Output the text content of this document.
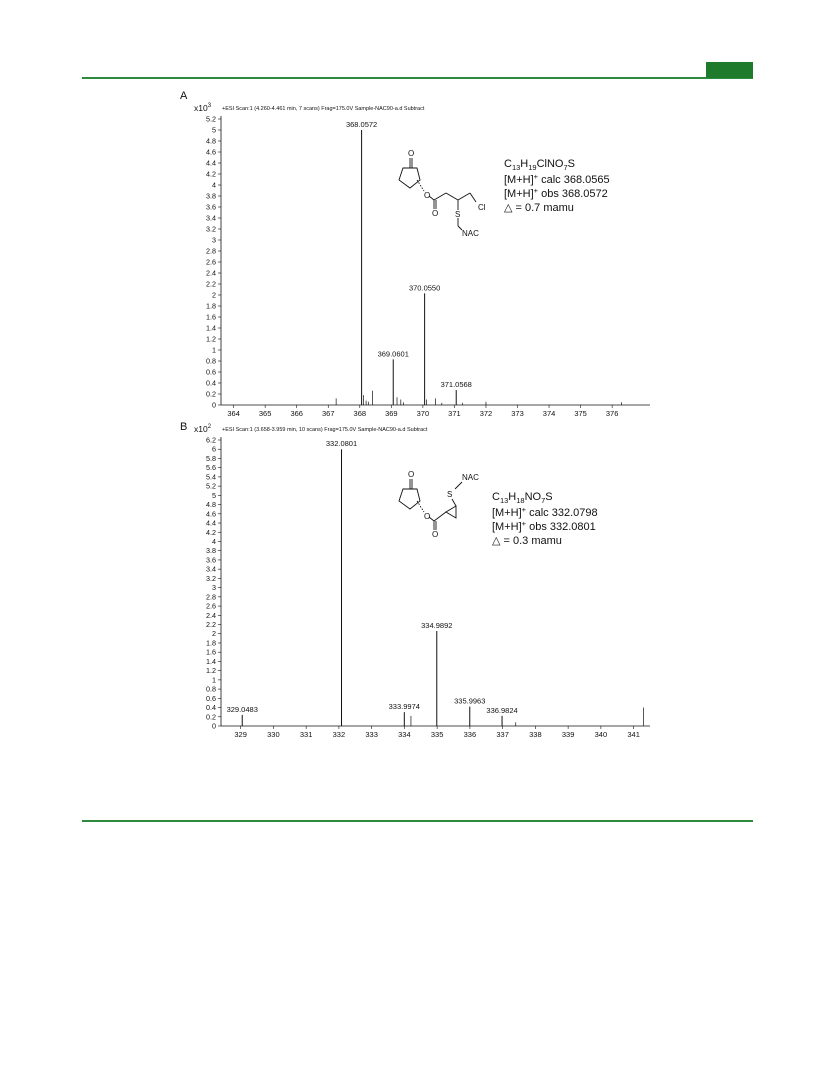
A
B
$x10^3 +ESI$ Scan:1 (4.260-4.461 min, 7 scans) Frag=175.0V Sample-NAC90-a.d Subtract
0
0.2
0.4
0.6
0.8
1
1.2
1.4
1.6
1.8
2
2.2
2.4
2.6
2.8
3
3.2
3.4
3.6
3.8
4
4.2
4.4
4.6
4.8
5
5.2
364	365	366	367	368	369	370	371	372	373	374	375	376
368.0572
369.0601
370.0550
371.0568
O
O
O S
Cl
NAC
$C_{13}H_{19}ClNO_7S$
[M+H]+ calc 368.0565
[M+H]+ obs 368.0572
△ = 0.7 mamu
$x10^2 +ESI$ Scan:1 (3.658-3.959 min, 10 scans) Frag=175.0V Sample-NAC90-a.d Subtract
0
0.2
0.4
0.6
0.8
1
1.2
1.4
1.6
1.8
2
2.2
2.4
2.6
2.8
3
3.2
3.4
3.6
3.8
4
4.2
4.4
4.6
4.8
5
5.2
5.4
5.6
5.8
6
6.2
329	330	331	332	333	334	335	336	337	338	339	340	341
329.0483
332.0801
333.9974
334.9892
335.9963
336.9824
O
O
O
S
NAC
$C_{13}H_{18}NO_7S$
[M+H]+ calc 332.0798
[M+H]+ obs 332.0801
△ = 0.3 mamu
